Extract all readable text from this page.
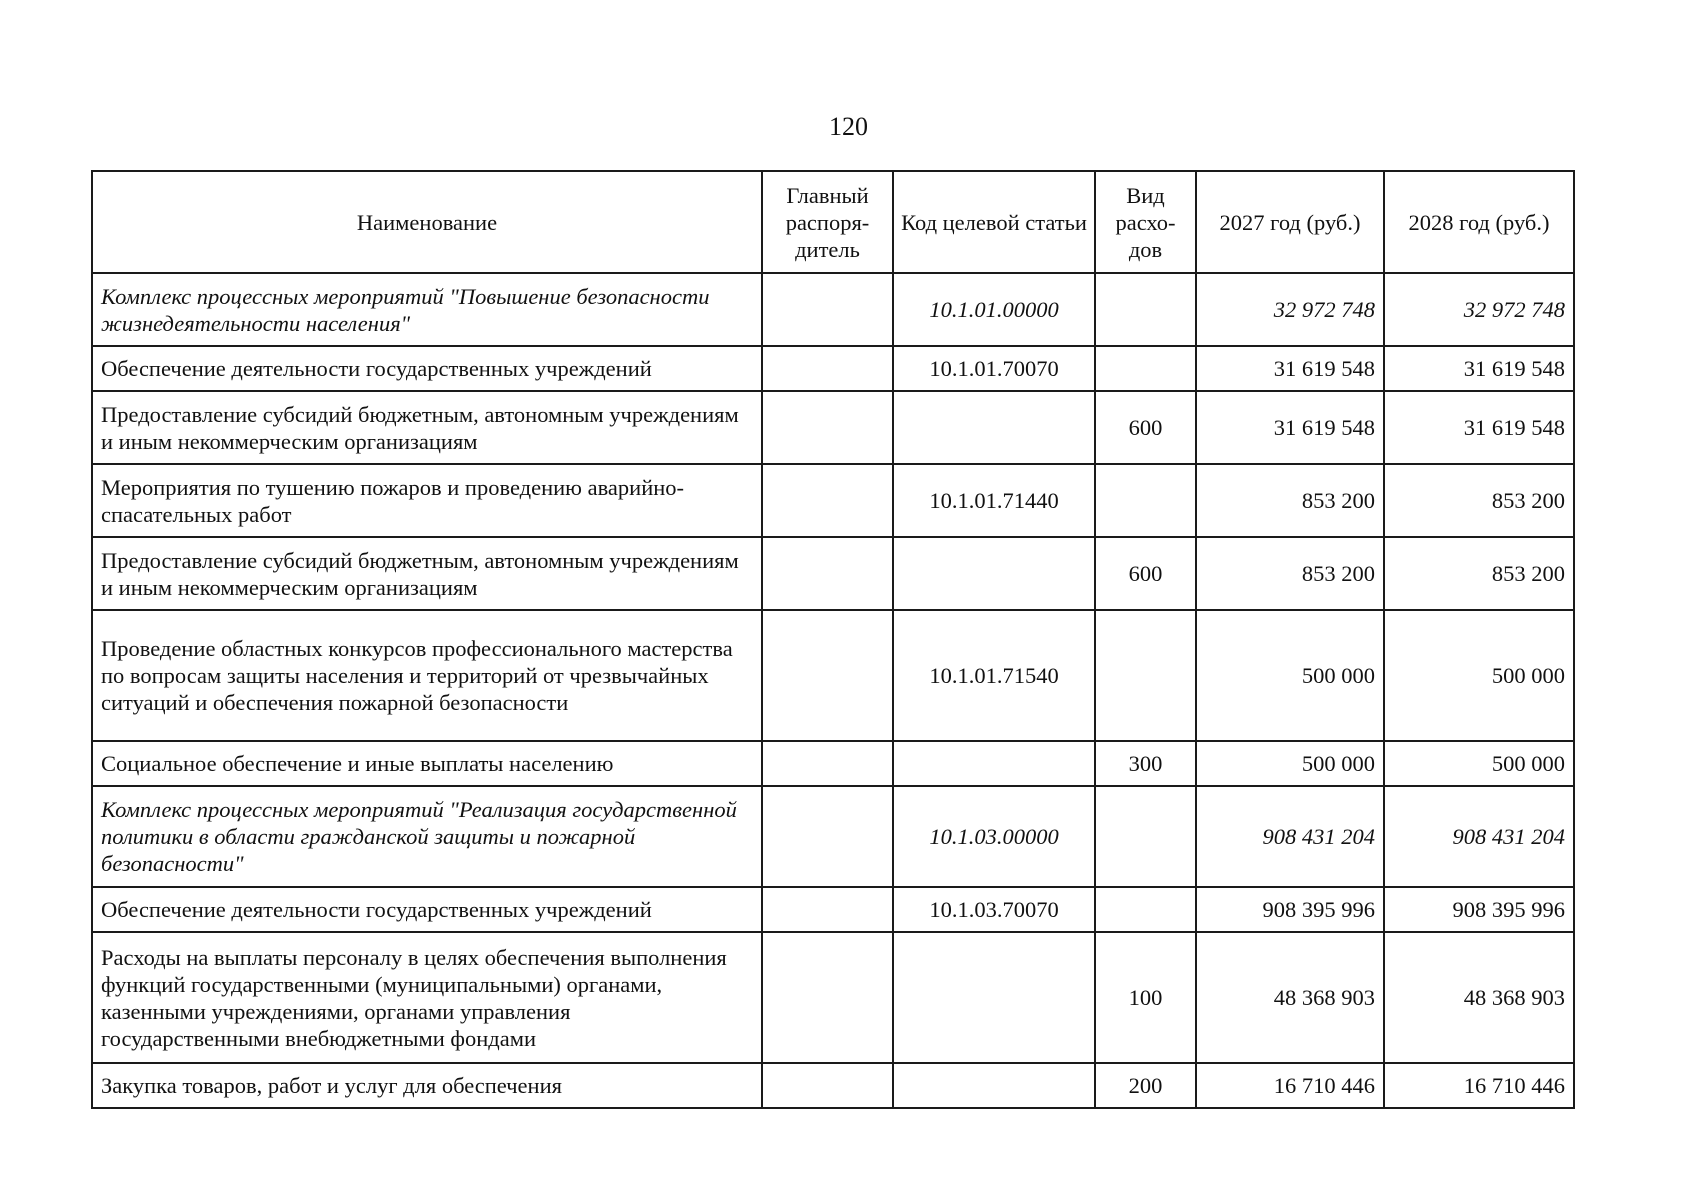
120
Наименование	Главный распоря-дитель	Код целевой статьи	Вид расхо-дов	2027 год (руб.)	2028 год (руб.)
Комплекс процессных мероприятий "Повышение безопасности жизнедеятельности населения"		10.1.01.00000		32 972 748	32 972 748
Обеспечение деятельности государственных учреждений		10.1.01.70070		31 619 548	31 619 548
Предоставление субсидий бюджетным, автономным учреждениям и иным некоммерческим организациям			600	31 619 548	31 619 548
Мероприятия по тушению пожаров и проведению аварийно-спасательных работ		10.1.01.71440		853 200	853 200
Предоставление субсидий бюджетным, автономным учреждениям и иным некоммерческим организациям			600	853 200	853 200
Проведение областных конкурсов профессионального мастерства по вопросам защиты населения и территорий от чрезвычайных ситуаций и обеспечения пожарной безопасности		10.1.01.71540		500 000	500 000
Социальное обеспечение и иные выплаты населению			300	500 000	500 000
Комплекс процессных мероприятий "Реализация государственной политики в области гражданской защиты и пожарной безопасности"		10.1.03.00000		908 431 204	908 431 204
Обеспечение деятельности государственных учреждений		10.1.03.70070		908 395 996	908 395 996
Расходы на выплаты персоналу в целях обеспечения выполнения функций государственными (муниципальными) органами, казенными учреждениями, органами управления государственными внебюджетными фондами			100	48 368 903	48 368 903
Закупка товаров, работ и услуг для обеспечения			200	16 710 446	16 710 446
